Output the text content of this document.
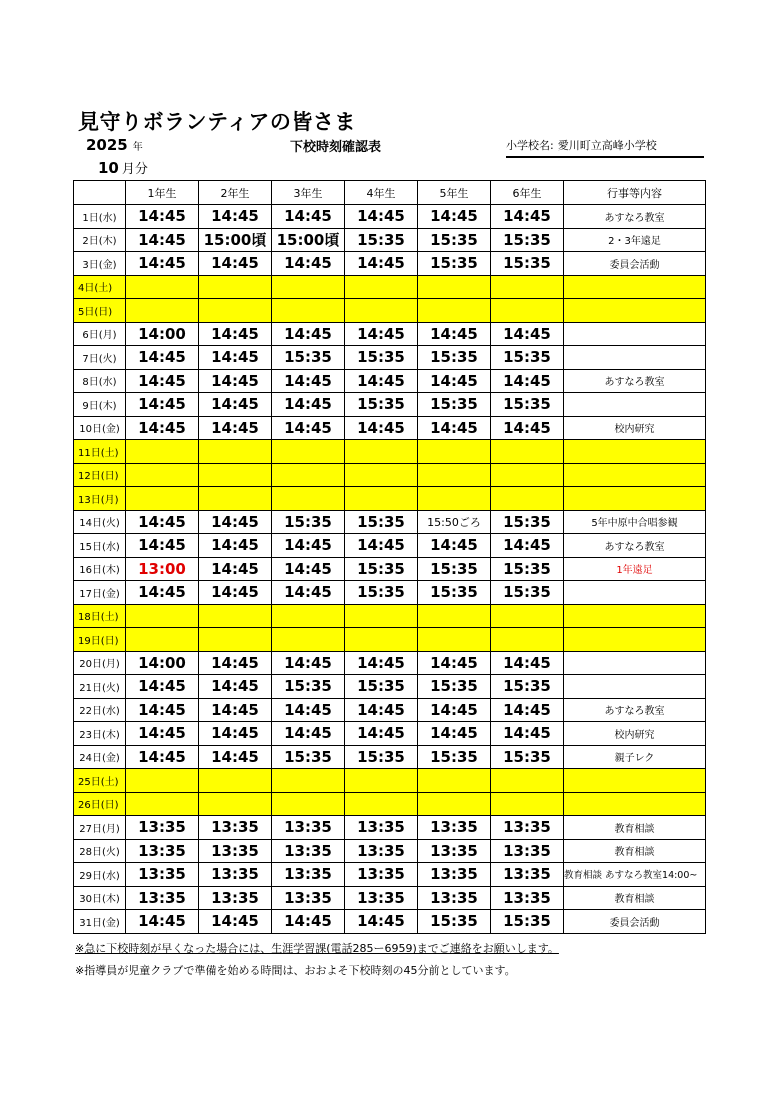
見守りボランティアの皆さま
2025 年
10 月分
下校時刻確認表	小学校名: 愛川町立高峰小学校
	1年生	2年生	3年生	4年生	5年生	6年生	行事等内容
1日(水)	14:45	14:45	14:45	14:45	14:45	14:45	あすなろ教室
2日(木)	14:45	15:00頃	15:00頃	15:35	15:35	15:35	2・3年遠足
3日(金)	14:45	14:45	14:45	14:45	15:35	15:35	委員会活動
4日(土)							
5日(日)							
6日(月)	14:00	14:45	14:45	14:45	14:45	14:45	
7日(火)	14:45	14:45	15:35	15:35	15:35	15:35	
8日(水)	14:45	14:45	14:45	14:45	14:45	14:45	あすなろ教室
9日(木)	14:45	14:45	14:45	15:35	15:35	15:35	
10日(金)	14:45	14:45	14:45	14:45	14:45	14:45	校内研究
11日(土)							
12日(日)							
13日(月)							
14日(火)	14:45	14:45	15:35	15:35	15:50ごろ	15:35	5年中原中合唱参観
15日(水)	14:45	14:45	14:45	14:45	14:45	14:45	あすなろ教室
16日(木)	13:00	14:45	14:45	15:35	15:35	15:35	1年遠足
17日(金)	14:45	14:45	14:45	15:35	15:35	15:35	
18日(土)							
19日(日)							
20日(月)	14:00	14:45	14:45	14:45	14:45	14:45	
21日(火)	14:45	14:45	15:35	15:35	15:35	15:35	
22日(水)	14:45	14:45	14:45	14:45	14:45	14:45	あすなろ教室
23日(木)	14:45	14:45	14:45	14:45	14:45	14:45	校内研究
24日(金)	14:45	14:45	15:35	15:35	15:35	15:35	親子レク
25日(土)							
26日(日)							
27日(月)	13:35	13:35	13:35	13:35	13:35	13:35	教育相談
28日(火)	13:35	13:35	13:35	13:35	13:35	13:35	教育相談
29日(水)	13:35	13:35	13:35	13:35	13:35	13:35	教育相談 あすなろ教室14:00~
30日(木)	13:35	13:35	13:35	13:35	13:35	13:35	教育相談
31日(金)	14:45	14:45	14:45	14:45	15:35	15:35	委員会活動
※急に下校時刻が早くなった場合には、生涯学習課(電話285ー6959)までご連絡をお願いします。
※指導員が児童クラブで準備を始める時間は、おおよそ下校時刻の45分前としています。
